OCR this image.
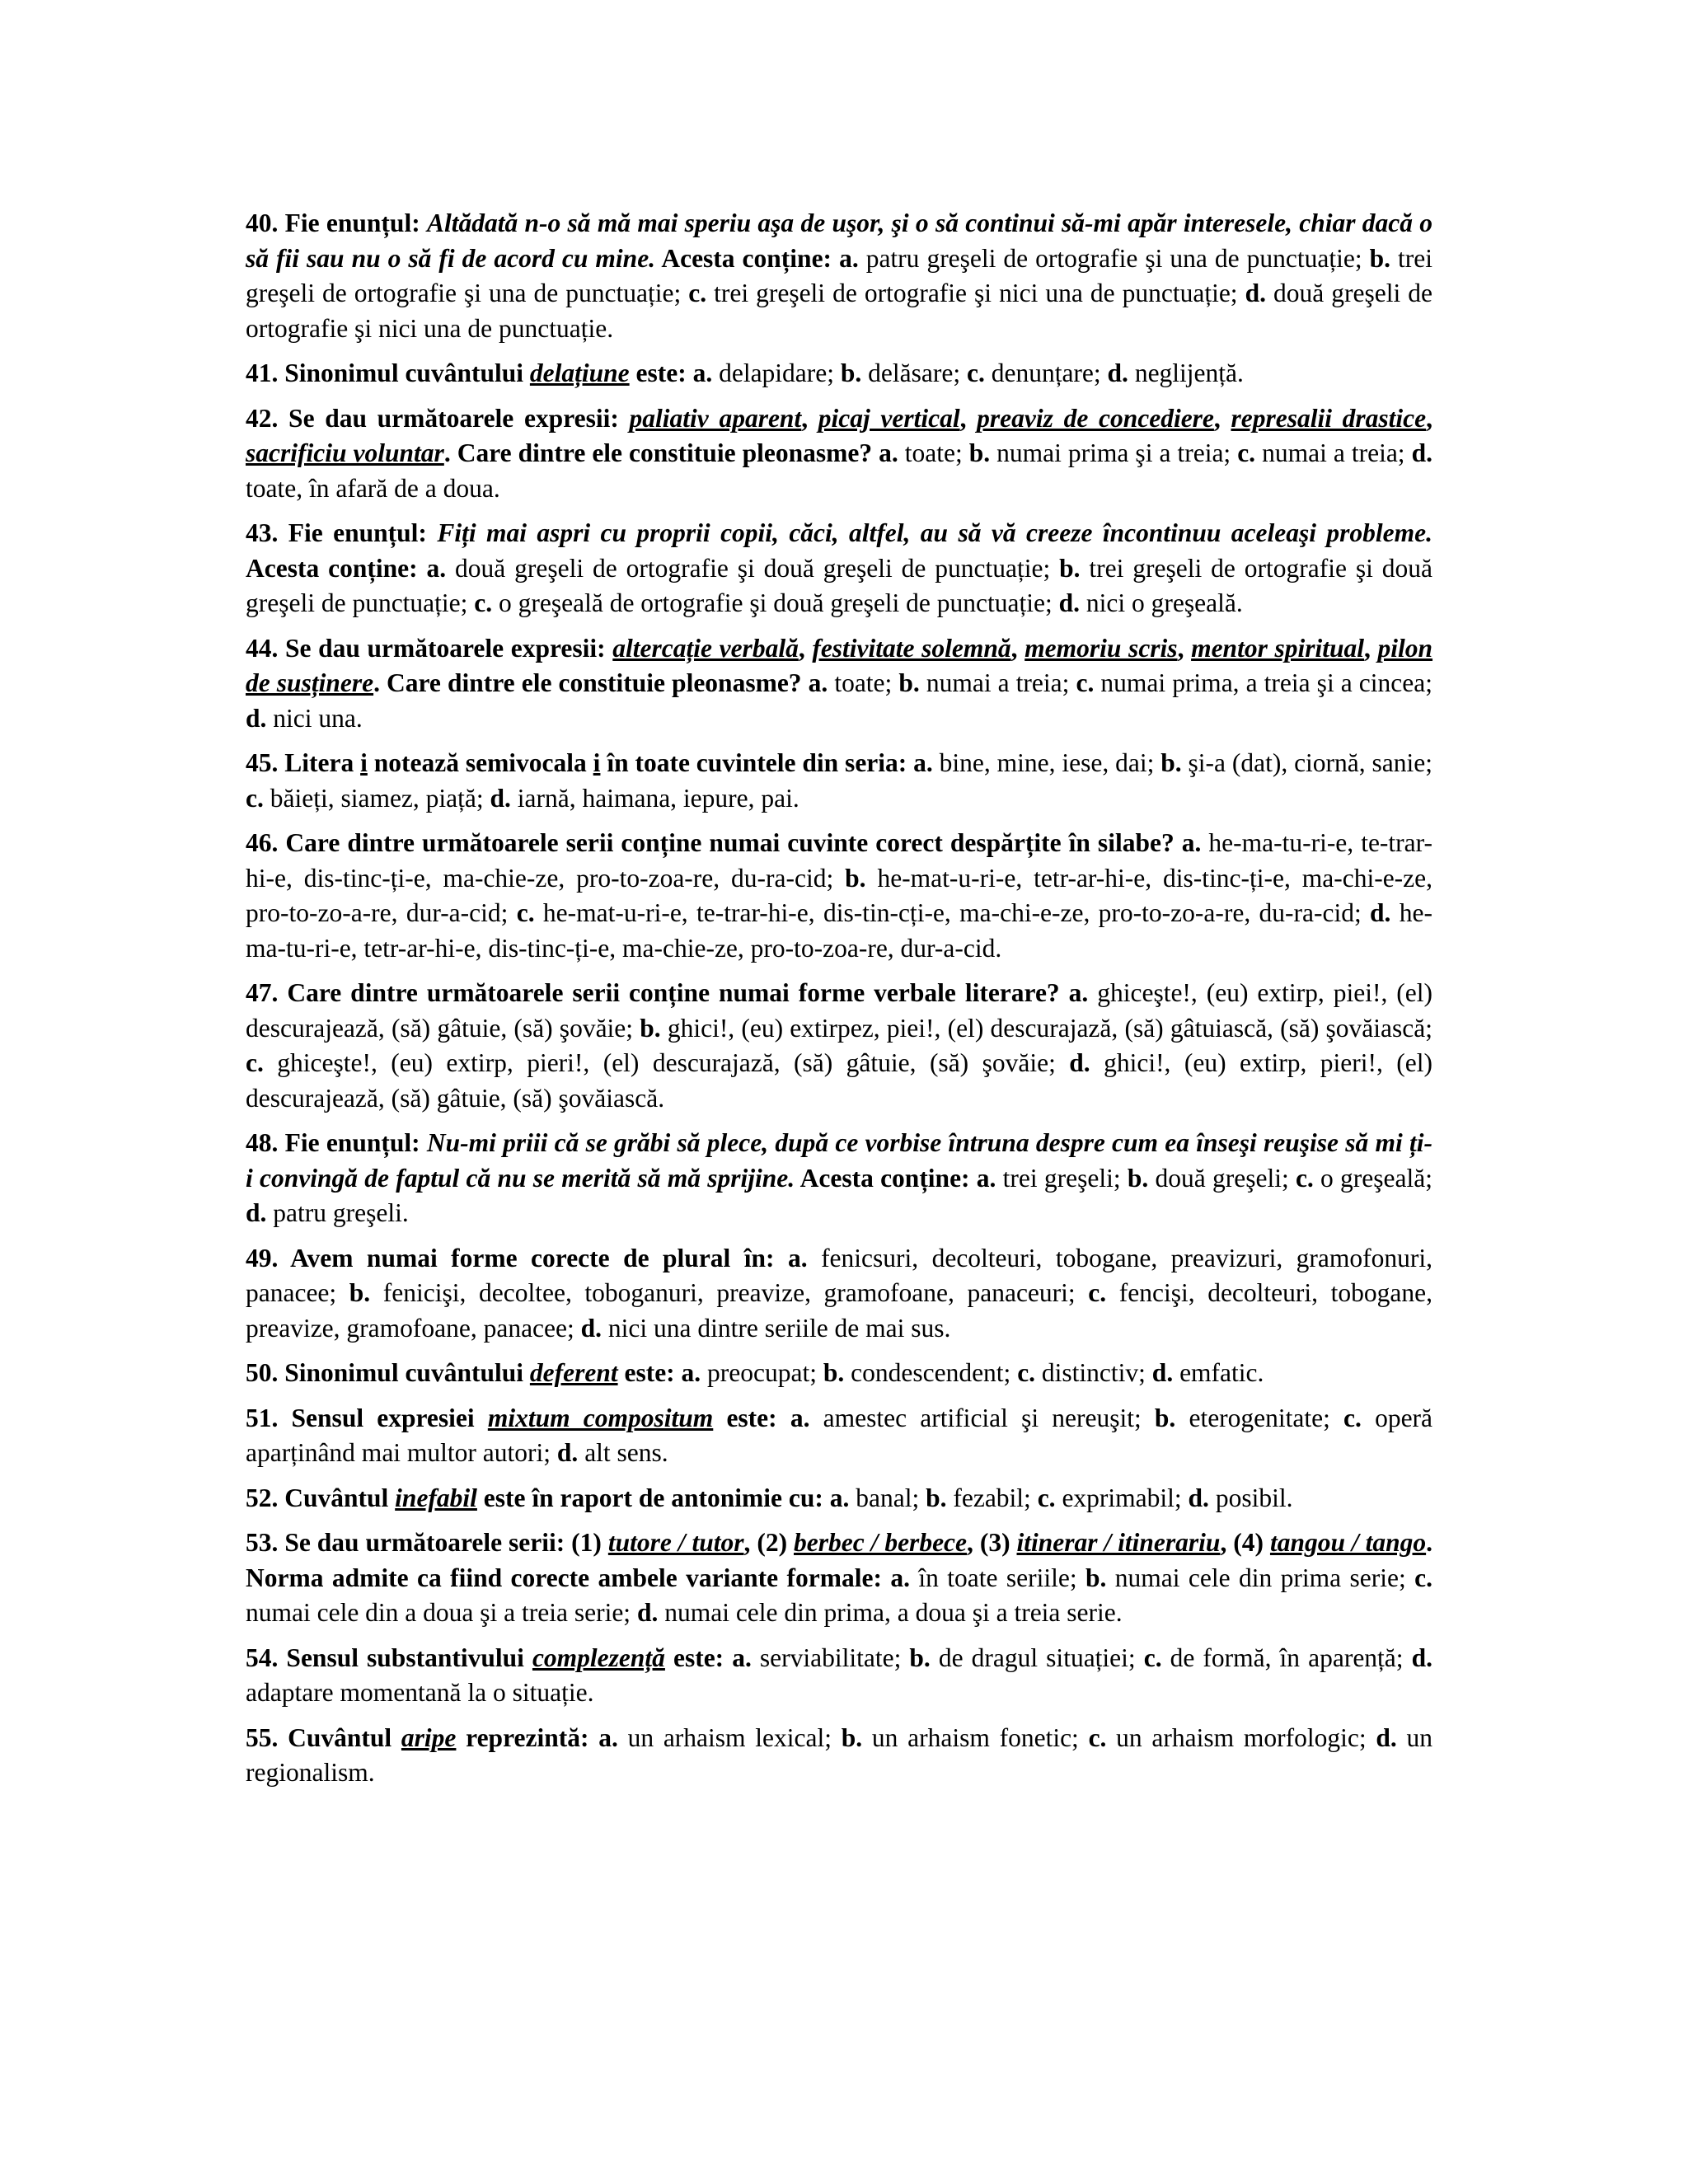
40. Fie enunțul: Altădată n-o să mă mai speriu aşa de uşor, şi o să continui să-mi apăr interesele, chiar dacă o să fii sau nu o să fi de acord cu mine. Acesta conține: a. patru greşeli de ortografie şi una de punctuație; b. trei greşeli de ortografie şi una de punctuație; c. trei greşeli de ortografie şi nici una de punctuație; d. două greşeli de ortografie şi nici una de punctuație.

41. Sinonimul cuvântului delațiune este: a. delapidare; b. delăsare; c. denunțare; d. neglijență.

42. Se dau următoarele expresii: paliativ aparent, picaj vertical, preaviz de concediere, represalii drastice, sacrificiu voluntar. Care dintre ele constituie pleonasme? a. toate; b. numai prima şi a treia; c. numai a treia; d. toate, în afară de a doua.

43. Fie enunțul: Fiți mai aspri cu proprii copii, căci, altfel, au să vă creeze încontinuu aceleaşi probleme. Acesta conține: a. două greşeli de ortografie şi două greşeli de punctuație; b. trei greşeli de ortografie şi două greşeli de punctuație; c. o greşeală de ortografie şi două greşeli de punctuație; d. nici o greşeală.

44. Se dau următoarele expresii: altercație verbală, festivitate solemnă, memoriu scris, mentor spiritual, pilon de susținere. Care dintre ele constituie pleonasme? a. toate; b. numai a treia; c. numai prima, a treia şi a cincea; d. nici una.

45. Litera i notează semivocala i în toate cuvintele din seria: a. bine, mine, iese, dai; b. şi-a (dat), ciornă, sanie; c. băieți, siamez, piață; d. iarnă, haimana, iepure, pai.

46. Care dintre următoarele serii conține numai cuvinte corect despărțite în silabe? a. he-ma-tu-ri-e, te-trar-hi-e, dis-tinc-ți-e, ma-chie-ze, pro-to-zoa-re, du-ra-cid; b. he-mat-u-ri-e, tetr-ar-hi-e, dis-tinc-ți-e, ma-chi-e-ze, pro-to-zo-a-re, dur-a-cid; c. he-mat-u-ri-e, te-trar-hi-e, dis-tin-cți-e, ma-chi-e-ze, pro-to-zo-a-re, du-ra-cid; d. he-ma-tu-ri-e, tetr-ar-hi-e, dis-tinc-ți-e, ma-chie-ze, pro-to-zoa-re, dur-a-cid.

47. Care dintre următoarele serii conține numai forme verbale literare? a. ghiceşte!, (eu) extirp, piei!, (el) descurajează, (să) gâtuie, (să) şovăie; b. ghici!, (eu) extirpez, piei!, (el) descurajază, (să) gâtuiască, (să) şovăiască; c. ghiceşte!, (eu) extirp, pieri!, (el) descurajază, (să) gâtuie, (să) şovăie; d. ghici!, (eu) extirp, pieri!, (el) descurajează, (să) gâtuie, (să) şovăiască.

48. Fie enunțul: Nu-mi priii că se grăbi să plece, după ce vorbise întruna despre cum ea înseşi reuşise să mi ți-i convingă de faptul că nu se merită să mă sprijine. Acesta conține: a. trei greşeli; b. două greşeli; c. o greşeală; d. patru greşeli.

49. Avem numai forme corecte de plural în: a. fenicsuri, decolteuri, tobogane, preavizuri, gramofonuri, panacee; b. fenicişi, decoltee, toboganuri, preavize, gramofoane, panaceuri; c. fencişi, decolteuri, tobogane, preavize, gramofoane, panacee; d. nici una dintre seriile de mai sus.

50. Sinonimul cuvântului deferent este: a. preocupat; b. condescendent; c. distinctiv; d. emfatic.

51. Sensul expresiei mixtum compositum este: a. amestec artificial şi nereuşit; b. eterogenitate; c. operă aparținând mai multor autori; d. alt sens.

52. Cuvântul inefabil este în raport de antonimie cu: a. banal; b. fezabil; c. exprimabil; d. posibil.

53. Se dau următoarele serii: (1) tutore / tutor, (2) berbec / berbece, (3) itinerar / itinerariu, (4) tangou / tango. Norma admite ca fiind corecte ambele variante formale: a. în toate seriile; b. numai cele din prima serie; c. numai cele din a doua şi a treia serie; d. numai cele din prima, a doua şi a treia serie.

54. Sensul substantivului complezență este: a. serviabilitate; b. de dragul situației; c. de formă, în aparență; d. adaptare momentană la o situație.

55. Cuvântul aripe reprezintă: a. un arhaism lexical; b. un arhaism fonetic; c. un arhaism morfologic; d. un regionalism.
